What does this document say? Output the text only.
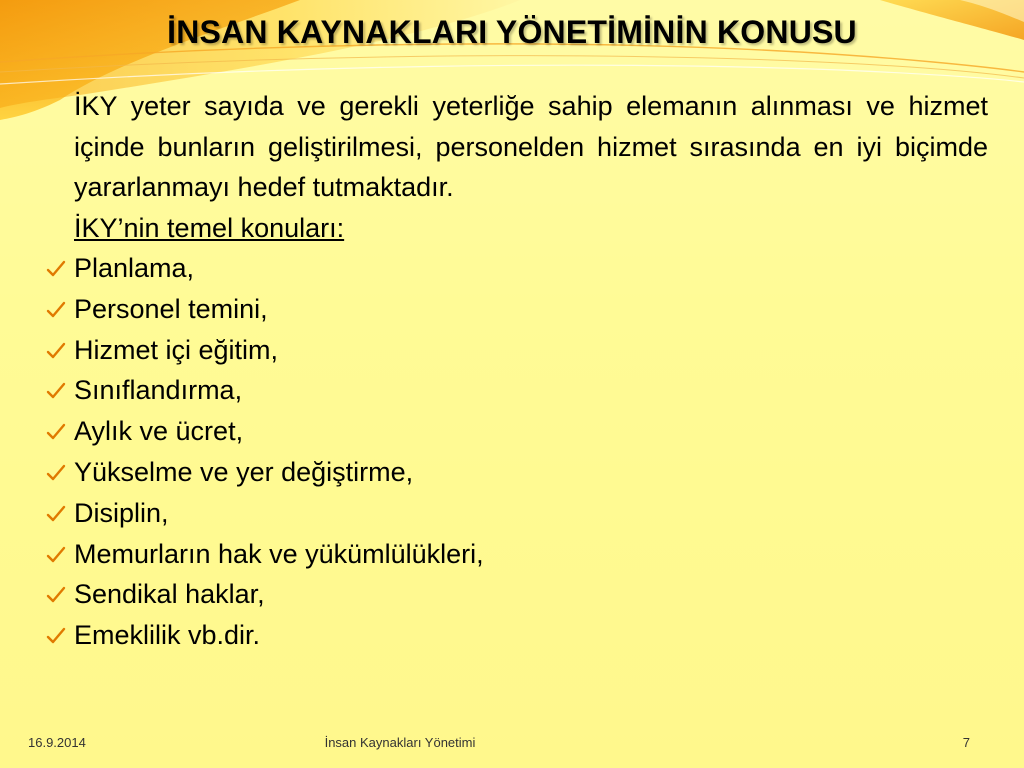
İNSAN KAYNAKLARI YÖNETİMİNİN KONUSU

İKY yeter sayıda ve gerekli yeterliğe sahip elemanın alınması ve hizmet içinde bunların geliştirilmesi, personelden hizmet sırasında en iyi biçimde yararlanmayı hedef tutmaktadır.

İKY’nin temel konuları:

Planlama,
Personel temini,
Hizmet içi eğitim,
Sınıflandırma,
Aylık ve ücret,
Yükselme ve yer değiştirme,
Disiplin,
Memurların hak ve yükümlülükleri,
Sendikal haklar,
Emeklilik vb.dir.
16.9.2014	İnsan Kaynakları Yönetimi	7
